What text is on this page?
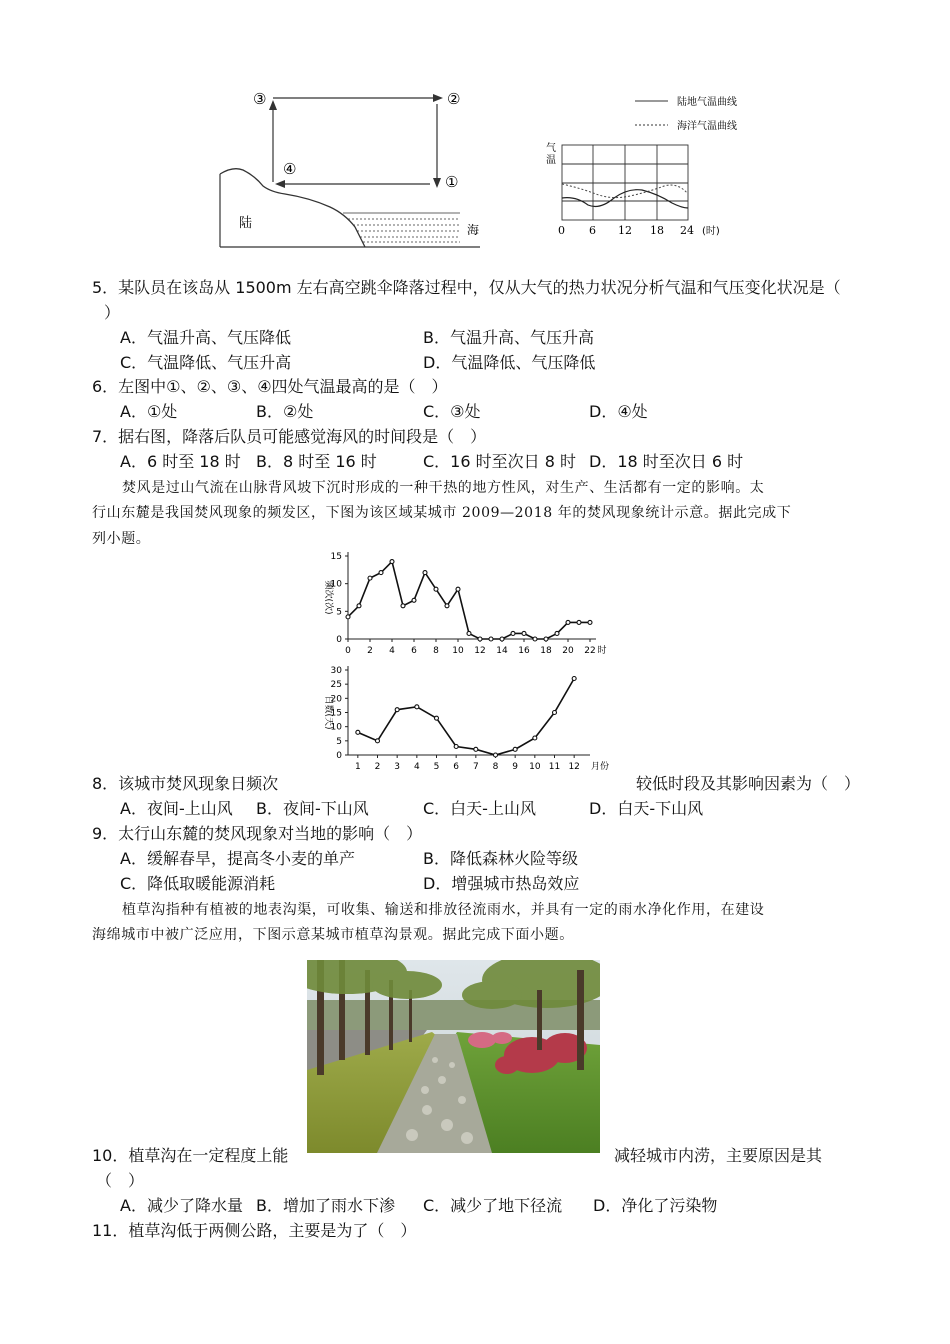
③	②
④
①
陆	海
陆地气温曲线
海洋气温曲线
气
温
0 6 12 18 24 (时)
5．某队员在该岛从 1500m 左右高空跳伞降落过程中，仅从大气的热力状况分析气温和气压变化状况是（
）
A．气温升高、气压降低	B．气温升高、气压升高
C．气温降低、气压升高	D．气温降低、气压降低
6．左图中①、②、③、④四处气温最高的是（　）
A．①处	B．②处	C．③处	D．④处
7．据右图，降落后队员可能感觉海风的时间段是（　）
A．6 时至 18 时 B．8 时至 16 时	C．16 时至次日 8 时 D．18 时至次日 6 时
焚风是过山气流在山脉背风坡下沉时形成的一种干热的地方性风，对生产、生活都有一定的影响。太
行山东麓是我国焚风现象的频发区，下图为该区域某城市 2009—2018 年的焚风现象统计示意。据此完成下
列小题。
0
5
10
15
0 2 4 6 8 10 12 14 16 18 20 22 时
频次(次)
0
5
10
15
20
25
30
1 2 3 4 5 6 7 8 9 10 11 12 月份
日数(天)
8．该城市焚风现象日频次	较低时段及其影响因素为（　）
A．夜间-上山风 B．夜间-下山风	C．白天-上山风	D．白天-下山风
9．太行山东麓的焚风现象对当地的影响（　）
A．缓解春旱，提高冬小麦的单产	B．降低森林火险等级
C．降低取暖能源消耗	D．增强城市热岛效应
植草沟指种有植被的地表沟渠，可收集、输送和排放径流雨水，并具有一定的雨水净化作用，在建设
海绵城市中被广泛应用，下图示意某城市植草沟景观。据此完成下面小题。
10．植草沟在一定程度上能	减轻城市内涝，主要原因是其
（　）
A．减少了降水量 B．增加了雨水下渗 C．减少了地下径流 D．净化了污染物
11．植草沟低于两侧公路，主要是为了（　）
